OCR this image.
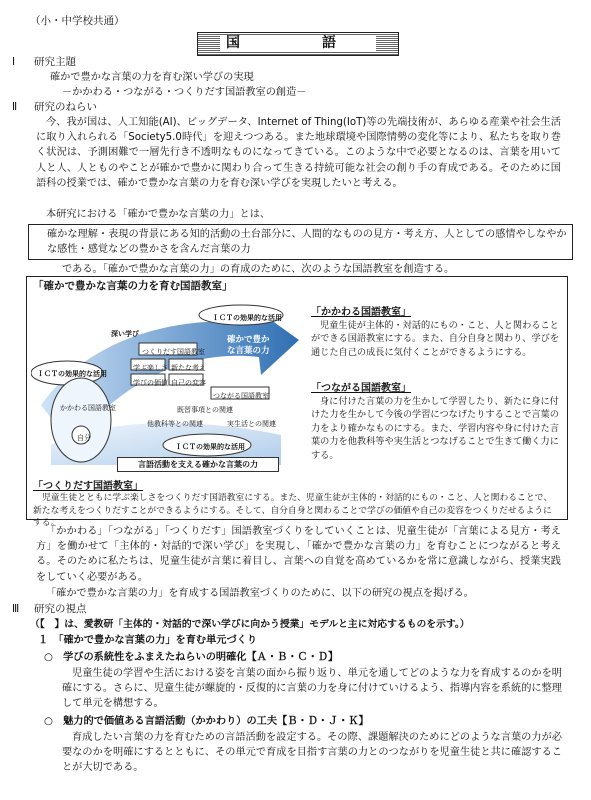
（小・中学校共通）
国　語
Ⅰ 研究主題
確かで豊かな言葉の力を育む深い学びの実現
－かかわる・つながる・つくりだす国語教室の創造－
Ⅱ 研究のねらい
今、我が国は、人工知能(AI)、ビッグデータ、Internet of Thing(IoT)等の先端技術が、あらゆる産業や社会生活に取り入れられる「Society5.0時代」を迎えつつある。また地球環境や国際情勢の変化等により、私たちを取り巻く状況は、予測困難で一層先行き不透明なものになってきている。このような中で必要となるのは、言葉を用いて人と人、人とものやことが確かで豊かに関わり合って生きる持続可能な社会の創り手の育成である。そのために国語科の授業では、確かで豊かな言葉の力を育む深い学びを実現したいと考える。
本研究における「確かで豊かな言葉の力」とは、
確かな理解・表現の背景にある知的活動の土台部分に、人間的なものの見方・考え方、人としての感情やしなやかな感性・感覚などの豊かさを含んだ言葉の力
である。「確かで豊かな言葉の力」の育成のために、次のような国語教室を創造する。
「確かで豊かな言葉の力を育む国語教室」
ＩＣＴの効果的な活用
ＩＣＴの効果的な活用
ＩＣＴの効果的な活用
深い学び
かかわる国語教室
自分
つくりだす国語教室
学ぶ楽しさ 新たな考え
学びの価値 自己の変容
つながる国語教室
確かで豊かな言葉の力
既習事項との関連
他教科等との関連	実生活との関連
言語活動を支える確かな言葉の力
「かかわる国語教室」
児童生徒が主体的・対話的にもの・こと、人と関わることができる国語教室にする。また、自分自身と関わり、学びを通じた自己の成長に気付くことができるようにする。
「つながる国語教室」
身に付けた言葉の力を生かして学習したり、新たに身に付けた力を生かして今後の学習につなげたりすることで言葉の力をより確かなものにする。また、学習内容や身に付けた言葉の力を他教科等や実生活とつなげることで生きて働く力にする。
「つくりだす国語教室」
児童生徒とともに学ぶ楽しさをつくりだす国語教室にする。また、児童生徒が主体的・対話的にもの・こと、人と関わることで、新たな考えをつくりだすことができるようにする。そして、自分自身と関わることで学びの価値や自己の変容をつくりだせるようにする。
「かかわる」「つながる」「つくりだす」国語教室づくりをしていくことは、児童生徒が「言葉による見方・考え方」を働かせて「主体的・対話的で深い学び」を実現し、「確かで豊かな言葉の力」を育むことにつながると考える。そのために私たちは、児童生徒が言葉に着目し、言葉への自覚を高めているかを常に意識しながら、授業実践をしていく必要がある。
「確かで豊かな言葉の力」を育成する国語教室づくりのために、以下の研究の視点を掲げる。
Ⅲ 研究の視点
（【　】は、愛教研「主体的・対話的で深い学びに向かう授業」モデルと主に対応するものを示す。）
１　「確かで豊かな言葉の力」を育む単元づくり
○　学びの系統性をふまえたねらいの明確化【Ａ・Ｂ・Ｃ・Ｄ】
児童生徒の学習や生活における姿を言葉の面から振り返り、単元を通してどのような力を育成するのかを明確にする。さらに、児童生徒が螺旋的・反復的に言葉の力を身に付けていけるよう、指導内容を系統的に整理して単元を構想する。
○　魅力的で価値ある言語活動（かかわり）の工夫【Ｂ・Ｄ・Ｊ・Ｋ】
育成したい言葉の力を育むための言語活動を設定する。その際、課題解決のためにどのような言葉の力が必要なのかを明確にするとともに、その単元で育成を目指す言葉の力とのつながりを児童生徒と共に確認することが大切である。
